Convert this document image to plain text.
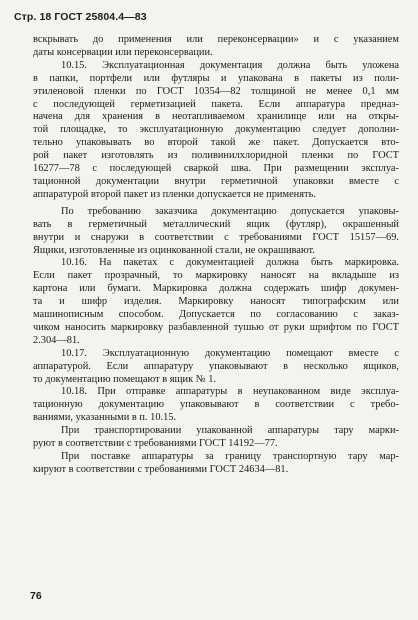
Стр. 18 ГОСТ 25804.4—83
вскрывать до применения или переконсервации» и с указанием
даты консервации или переконсервации.
10.15. Эксплуатационная документация должна быть уложена
в папки, портфели или футляры и упакована в пакеты из поли-
этиленовой пленки по ГОСТ 10354—82 толщиной не менее 0,1 мм
с последующей герметизацией пакета. Если аппаратура предназ-
начена для хранения в неотапливаемом хранилище или на откры-
той площадке, то эксплуатационную документацию следует дополни-
тельно упаковывать во второй такой же пакет. Допускается вто-
рой пакет изготовлять из поливинилхлоридной пленки по ГОСТ
16277—78 с последующей сваркой шва. При размещении эксплуа-
тационной документации внутри герметичной упаковки вместе с
аппаратурой второй пакет из пленки допускается не применять.
По требованию заказчика документацию допускается упаковы-
вать в герметичный металлический ящик (футляр), окрашенный
внутри и снаружи в соответствии с требованиями ГОСТ 15157—69.
Ящики, изготовленные из оцинкованной стали, не окрашивают.
10.16. На пакетах с документацией должна быть маркировка.
Если пакет прозрачный, то маркировку наносят на вкладыше из
картона или бумаги. Маркировка должна содержать шифр докумен-
та и шифр изделия. Маркировку наносят типографским или
машинописным способом. Допускается по согласованию с заказ-
чиком наносить маркировку разбавленной тушью от руки шрифтом по ГОСТ
2.304—81.
10.17. Эксплуатационную документацию помещают вместе с
аппаратурой. Если аппаратуру упаковывают в несколько ящиков,
то документацию помещают в ящик № 1.
10.18. При отправке аппаратуры в неупакованном виде эксплуа-
тационную документацию упаковывают в соответствии с требо-
ваниями, указанными в п. 10.15.
При транспортировании упакованной аппаратуры тару марки-
руют в соответствии с требованиями ГОСТ 14192—77.
При поставке аппаратуры за границу транспортную тару мар-
кируют в соответствии с требованиями ГОСТ 24634—81.
76
